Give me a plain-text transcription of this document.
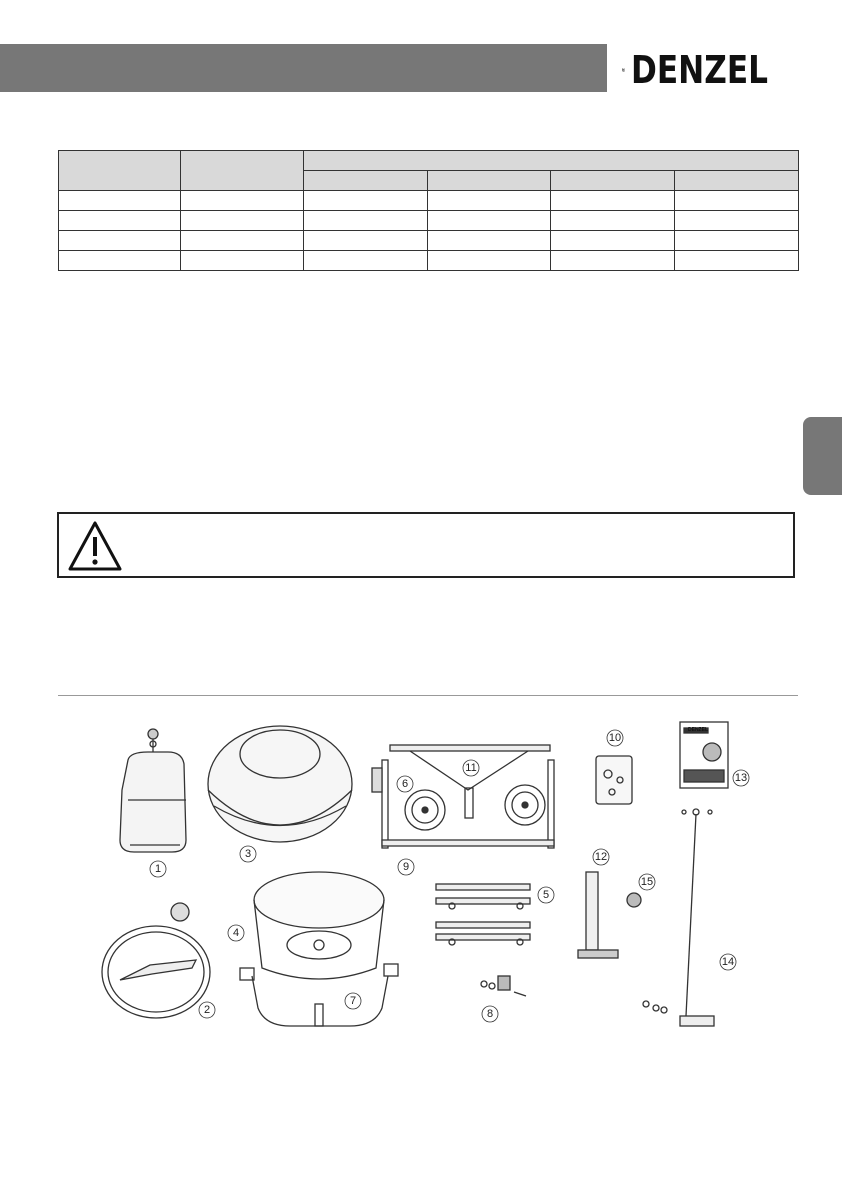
DENZEL

1
2
3
4
5
6
7
8
9
10
11
12
13
14
15
DENZEL
